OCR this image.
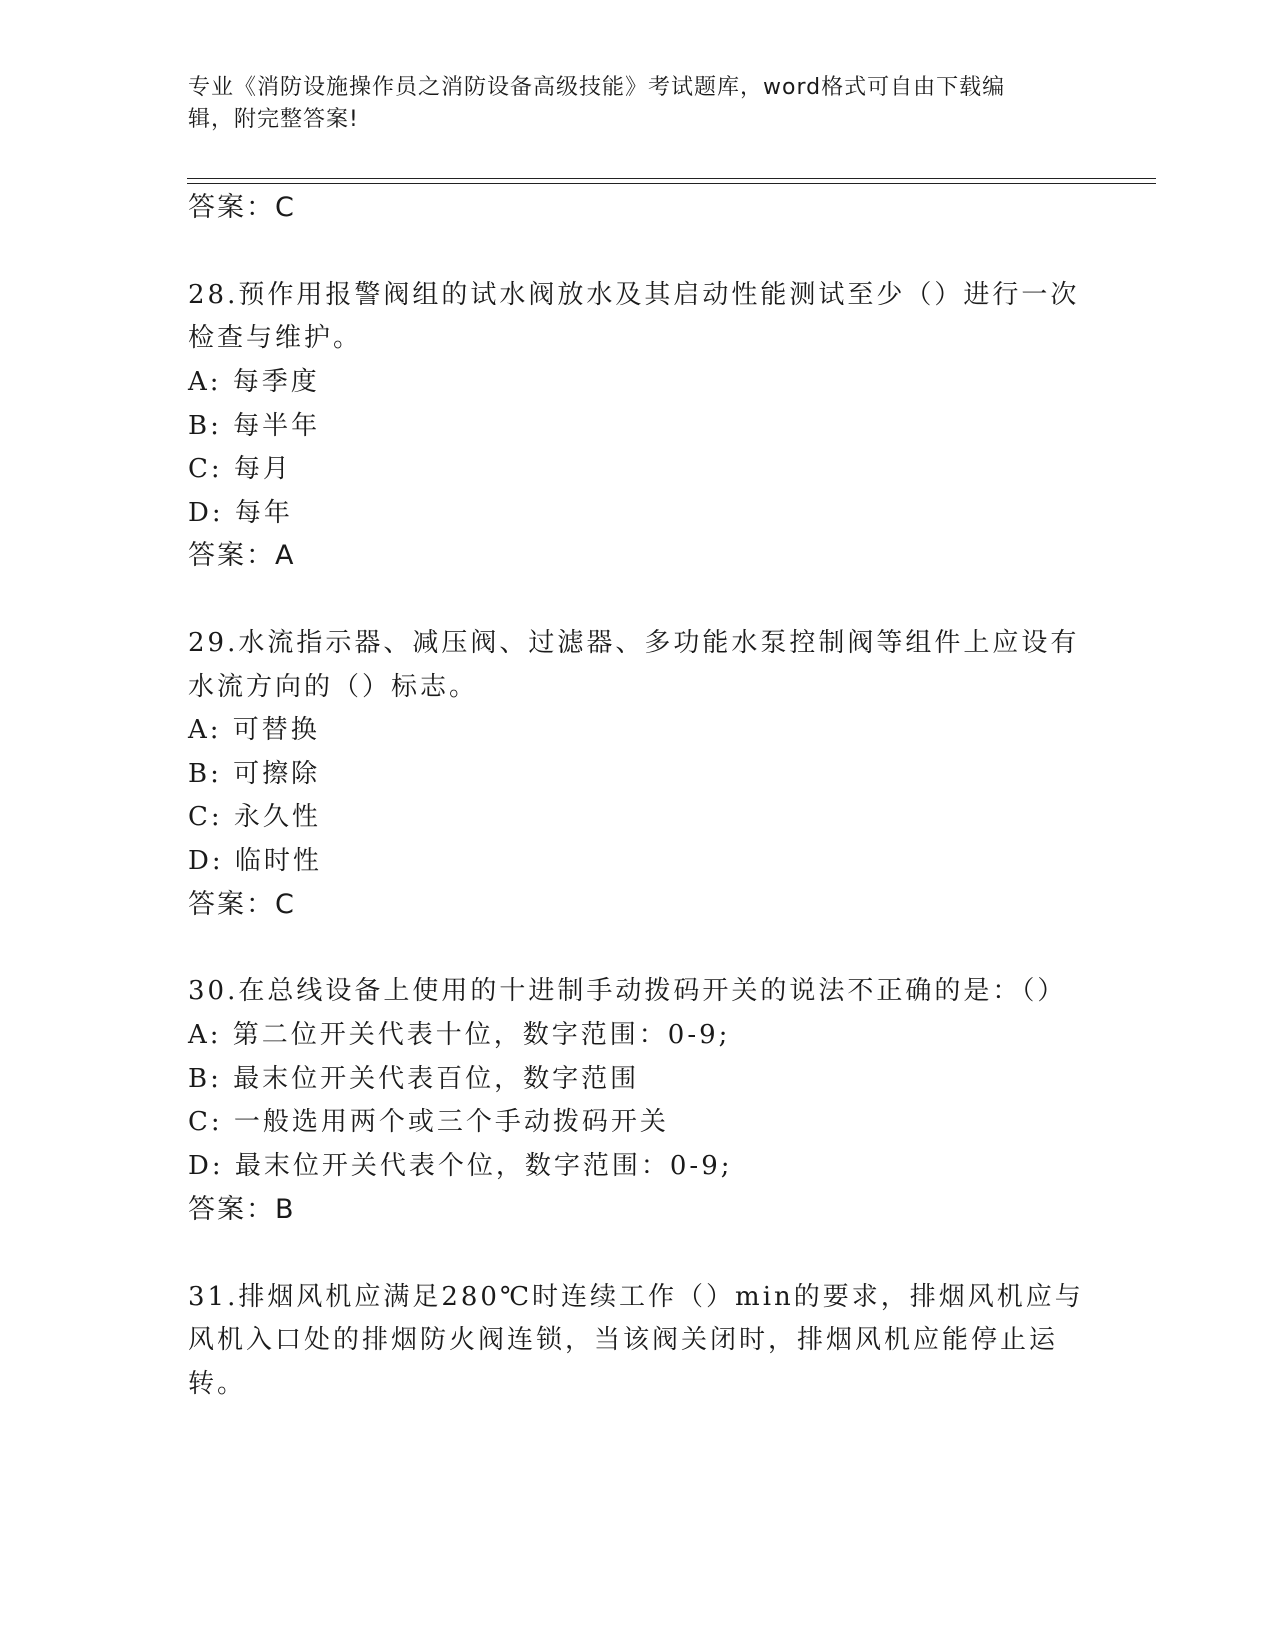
专业《消防设施操作员之消防设备高级技能》考试题库，word格式可自由下载编
辑，附完整答案!
答案：C
28.预作用报警阀组的试水阀放水及其启动性能测试至少（）进行一次
检查与维护。
A: 每季度
B: 每半年
C: 每月
D: 每年
答案：A
29.水流指示器、减压阀、过滤器、多功能水泵控制阀等组件上应设有
水流方向的（）标志。
A: 可替换
B: 可擦除
C: 永久性
D: 临时性
答案：C
30.在总线设备上使用的十进制手动拨码开关的说法不正确的是：（）
A: 第二位开关代表十位，数字范围：0-9;
B: 最末位开关代表百位，数字范围
C: 一般选用两个或三个手动拨码开关
D: 最末位开关代表个位，数字范围：0-9;
答案：B
31.排烟风机应满足280℃时连续工作（）min的要求，排烟风机应与
风机入口处的排烟防火阀连锁，当该阀关闭时，排烟风机应能停止运
转。
